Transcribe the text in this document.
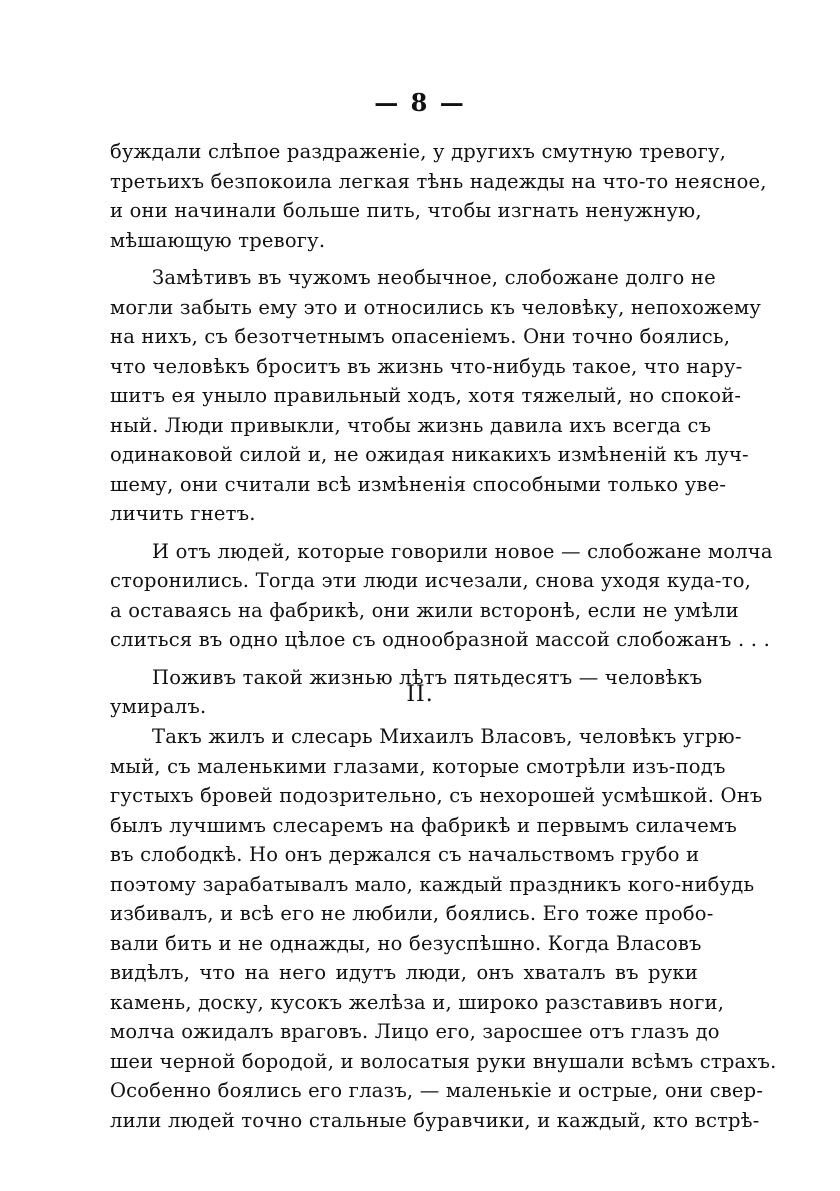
— 8 —

буждали слѣпое раздраженіе, у другихъ смутную тревогу,
третьихъ безпокоила легкая тѣнь надежды на что-то неясное,
и они начинали больше пить, чтобы изгнать ненужную,
мѣшающую тревогу.

Замѣтивъ въ чужомъ необычное, слобожане долго не
могли забыть ему это и относились къ человѣку, непохожему
на нихъ, съ безотчетнымъ опасеніемъ. Они точно боялись,
что человѣкъ броситъ въ жизнь что-нибудь такое, что нару-
шитъ ея уныло правильный ходъ, хотя тяжелый, но спокой-
ный. Люди привыкли, чтобы жизнь давила ихъ всегда съ
одинаковой силой и, не ожидая никакихъ измѣненій къ луч-
шему, они считали всѣ измѣненія способными только уве-
личить гнетъ.

И отъ людей, которые говорили новое — слобожане молча
сторонились. Тогда эти люди исчезали, снова уходя куда-то,
а оставаясь на фабрикѣ, они жили всторонѣ, если не умѣли
слиться въ одно цѣлое съ однообразной массой слобожанъ . . .

Поживъ такой жизнью лѣтъ пятьдесятъ — человѣкъ
умиралъ.	II.

Такъ жилъ и слесарь Михаилъ Власовъ, человѣкъ угрю-
мый, съ маленькими глазами, которые смотрѣли изъ-подъ
густыхъ бровей подозрительно, съ нехорошей усмѣшкой. Онъ
былъ лучшимъ слесаремъ на фабрикѣ и первымъ силачемъ
въ слободкѣ. Но онъ держался съ начальствомъ грубо и
поэтому зарабатывалъ мало, каждый праздникъ кого-нибудь
избивалъ, и всѣ его не любили, боялись. Его тоже пробо-
вали бить и не однажды, но безуспѣшно. Когда Власовъ
видѣлъ, что на него идутъ люди, онъ хваталъ въ руки
камень, доску, кусокъ желѣза и, широко разставивъ ноги,
молча ожидалъ враговъ. Лицо его, заросшее отъ глазъ до
шеи черной бородой, и волосатыя руки внушали всѣмъ страхъ.
Особенно боялись его глазъ, — маленькіе и острые, они свер-
лили людей точно стальные буравчики, и каждый, кто встрѣ-
